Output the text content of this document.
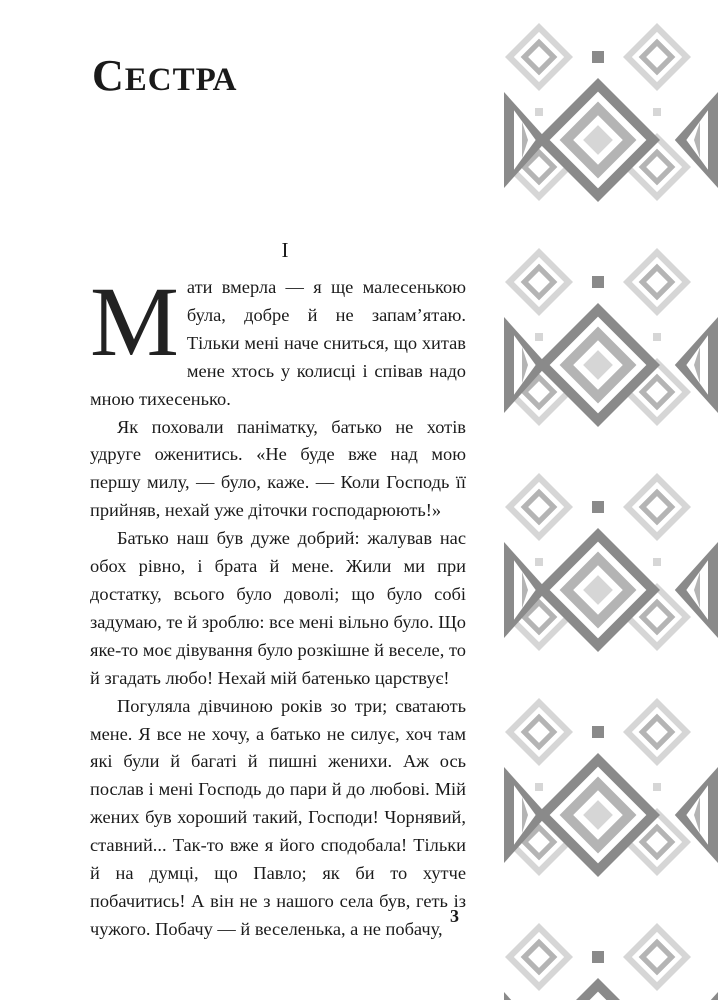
СЕСТРА
I

Мати вмерла — я ще малесенькою була, добре й не запам’ятаю. Тільки мені наче сниться, що хитав мене хтось у колисці і співав надо мною тихесенько.

Як поховали паніматку, батько не хотів удруге оженитись. «Не буде вже над мою першу милу, — було, каже. — Коли Господь її прийняв, нехай уже діточки господарюють!»

Батько наш був дуже добрий: жалував нас обох рівно, і брата й мене. Жили ми при достатку, всього було доволі; що було собі задумаю, те й зроблю: все мені вільно було. Що яке-то моє дівування було розкішне й веселе, то й згадать любо! Нехай мій батенько царствує!

Погуляла дівчиною років зо три; сватають мене. Я все не хочу, а батько не силує, хоч там які були й багаті й пишні женихи. Аж ось послав і мені Господь до пари й до любові. Мій жених був хороший такий, Господи! Чорнявий, ставний... Так-то вже я його сподобала! Тільки й на думці, що Павло; як би то хутче побачитись! А він не з нашого села був, геть із чужого. Побачу — й веселенька, а не побачу,

3
